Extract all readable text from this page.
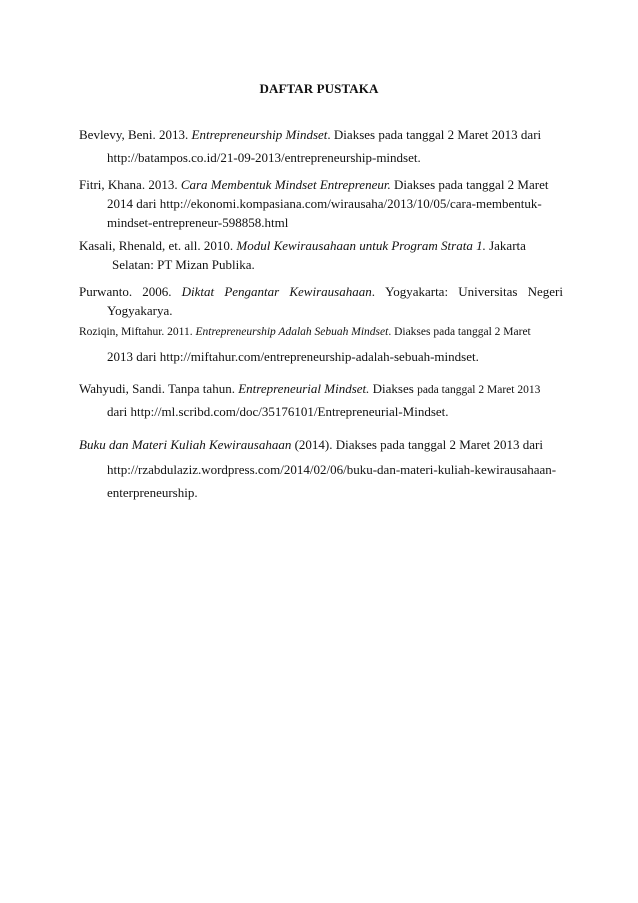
DAFTAR PUSTAKA
Bevlevy, Beni. 2013. Entrepreneurship Mindset. Diakses pada tanggal 2 Maret 2013 dari
http://batampos.co.id/21-09-2013/entrepreneurship-mindset.
Fitri, Khana. 2013. Cara Membentuk Mindset Entrepreneur. Diakses pada tanggal 2 Maret
2014 dari http://ekonomi.kompasiana.com/wirausaha/2013/10/05/cara-membentuk-
mindset-entrepreneur-598858.html
Kasali, Rhenald, et. all. 2010. Modul Kewirausahaan untuk Program Strata 1. Jakarta
Selatan: PT Mizan Publika.
Purwanto. 2006. Diktat Pengantar Kewirausahaan. Yogyakarta: Universitas Negeri
Yogyakarya.
Roziqin, Miftahur. 2011. Entrepreneurship Adalah Sebuah Mindset. Diakses pada tanggal 2 Maret
2013 dari http://miftahur.com/entrepreneurship-adalah-sebuah-mindset.
Wahyudi, Sandi. Tanpa tahun. Entrepreneurial Mindset. Diakses pada tanggal 2 Maret 2013
dari http://ml.scribd.com/doc/35176101/Entrepreneurial-Mindset.
Buku dan Materi Kuliah Kewirausahaan (2014). Diakses pada tanggal 2 Maret 2013 dari
http://rzabdulaziz.wordpress.com/2014/02/06/buku-dan-materi-kuliah-kewirausahaan-
enterpreneurship.
